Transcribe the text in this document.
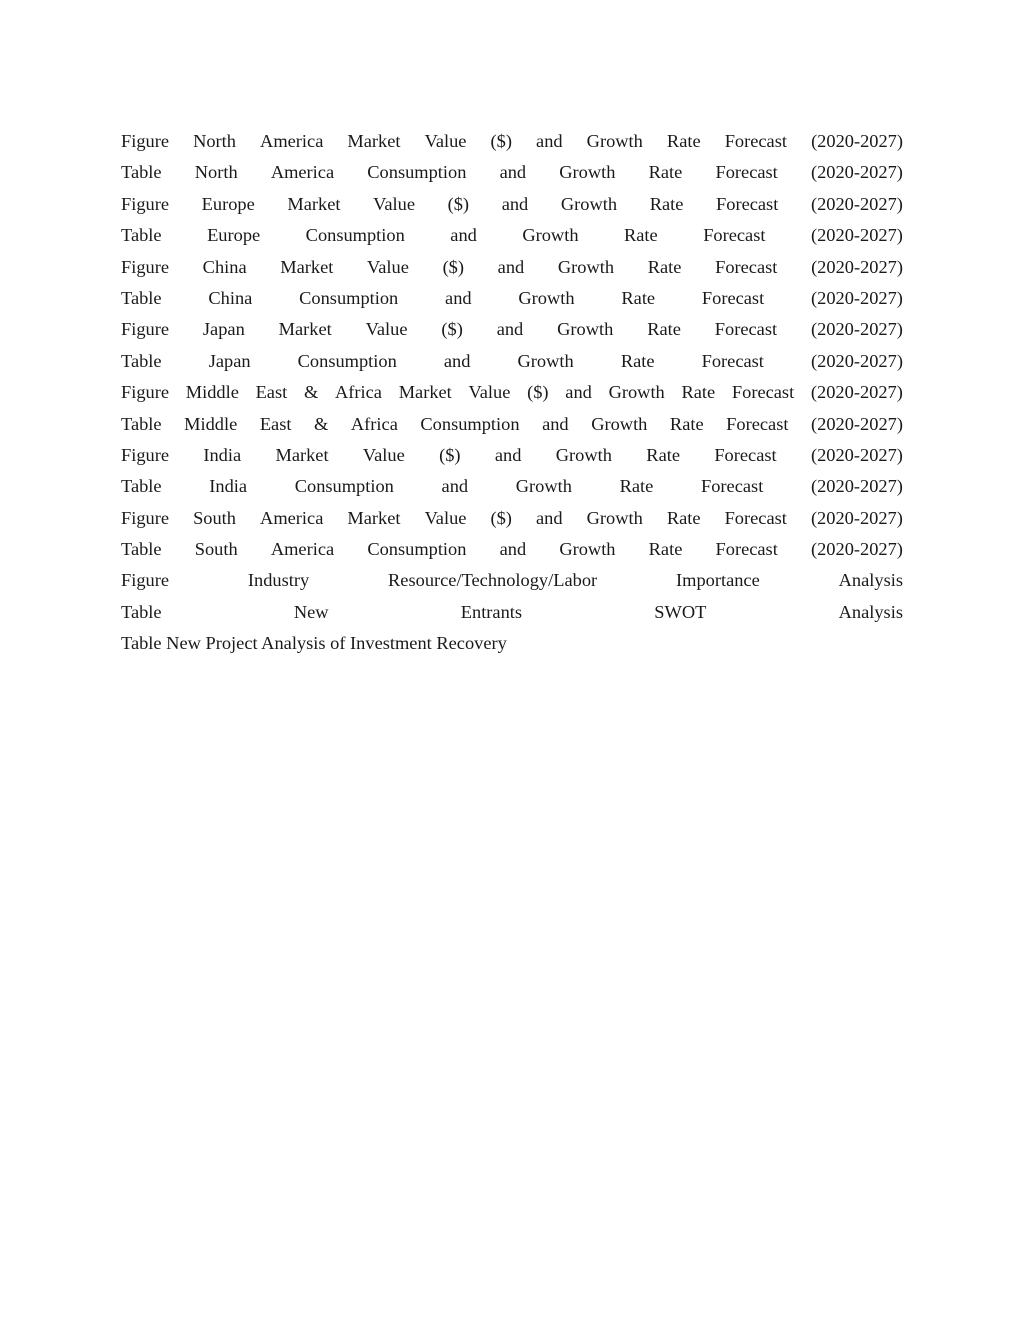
Figure North America Market Value ($) and Growth Rate Forecast (2020-2027)
Table North America Consumption and Growth Rate Forecast (2020-2027)
Figure Europe Market Value ($) and Growth Rate Forecast (2020-2027)
Table Europe Consumption and Growth Rate Forecast (2020-2027)
Figure China Market Value ($) and Growth Rate Forecast (2020-2027)
Table	China	Consumption	and	Growth	Rate	Forecast	(2020-2027)
Figure Japan Market Value ($) and Growth Rate Forecast (2020-2027)
Table	Japan	Consumption	and	Growth	Rate	Forecast	(2020-2027)
Figure Middle East & Africa Market Value ($) and Growth Rate Forecast (2020-2027)
Table Middle East & Africa Consumption and Growth Rate Forecast (2020-2027)
Figure India Market Value ($) and Growth Rate Forecast (2020-2027)
Table	India	Consumption	and	Growth	Rate	Forecast	(2020-2027)
Figure South America Market Value ($) and Growth Rate Forecast (2020-2027)
Table South America Consumption and Growth Rate Forecast (2020-2027)
Figure	Industry	Resource/Technology/Labor	Importance	Analysis
Table	New	Entrants	SWOT	Analysis
Table New Project Analysis of Investment Recovery
